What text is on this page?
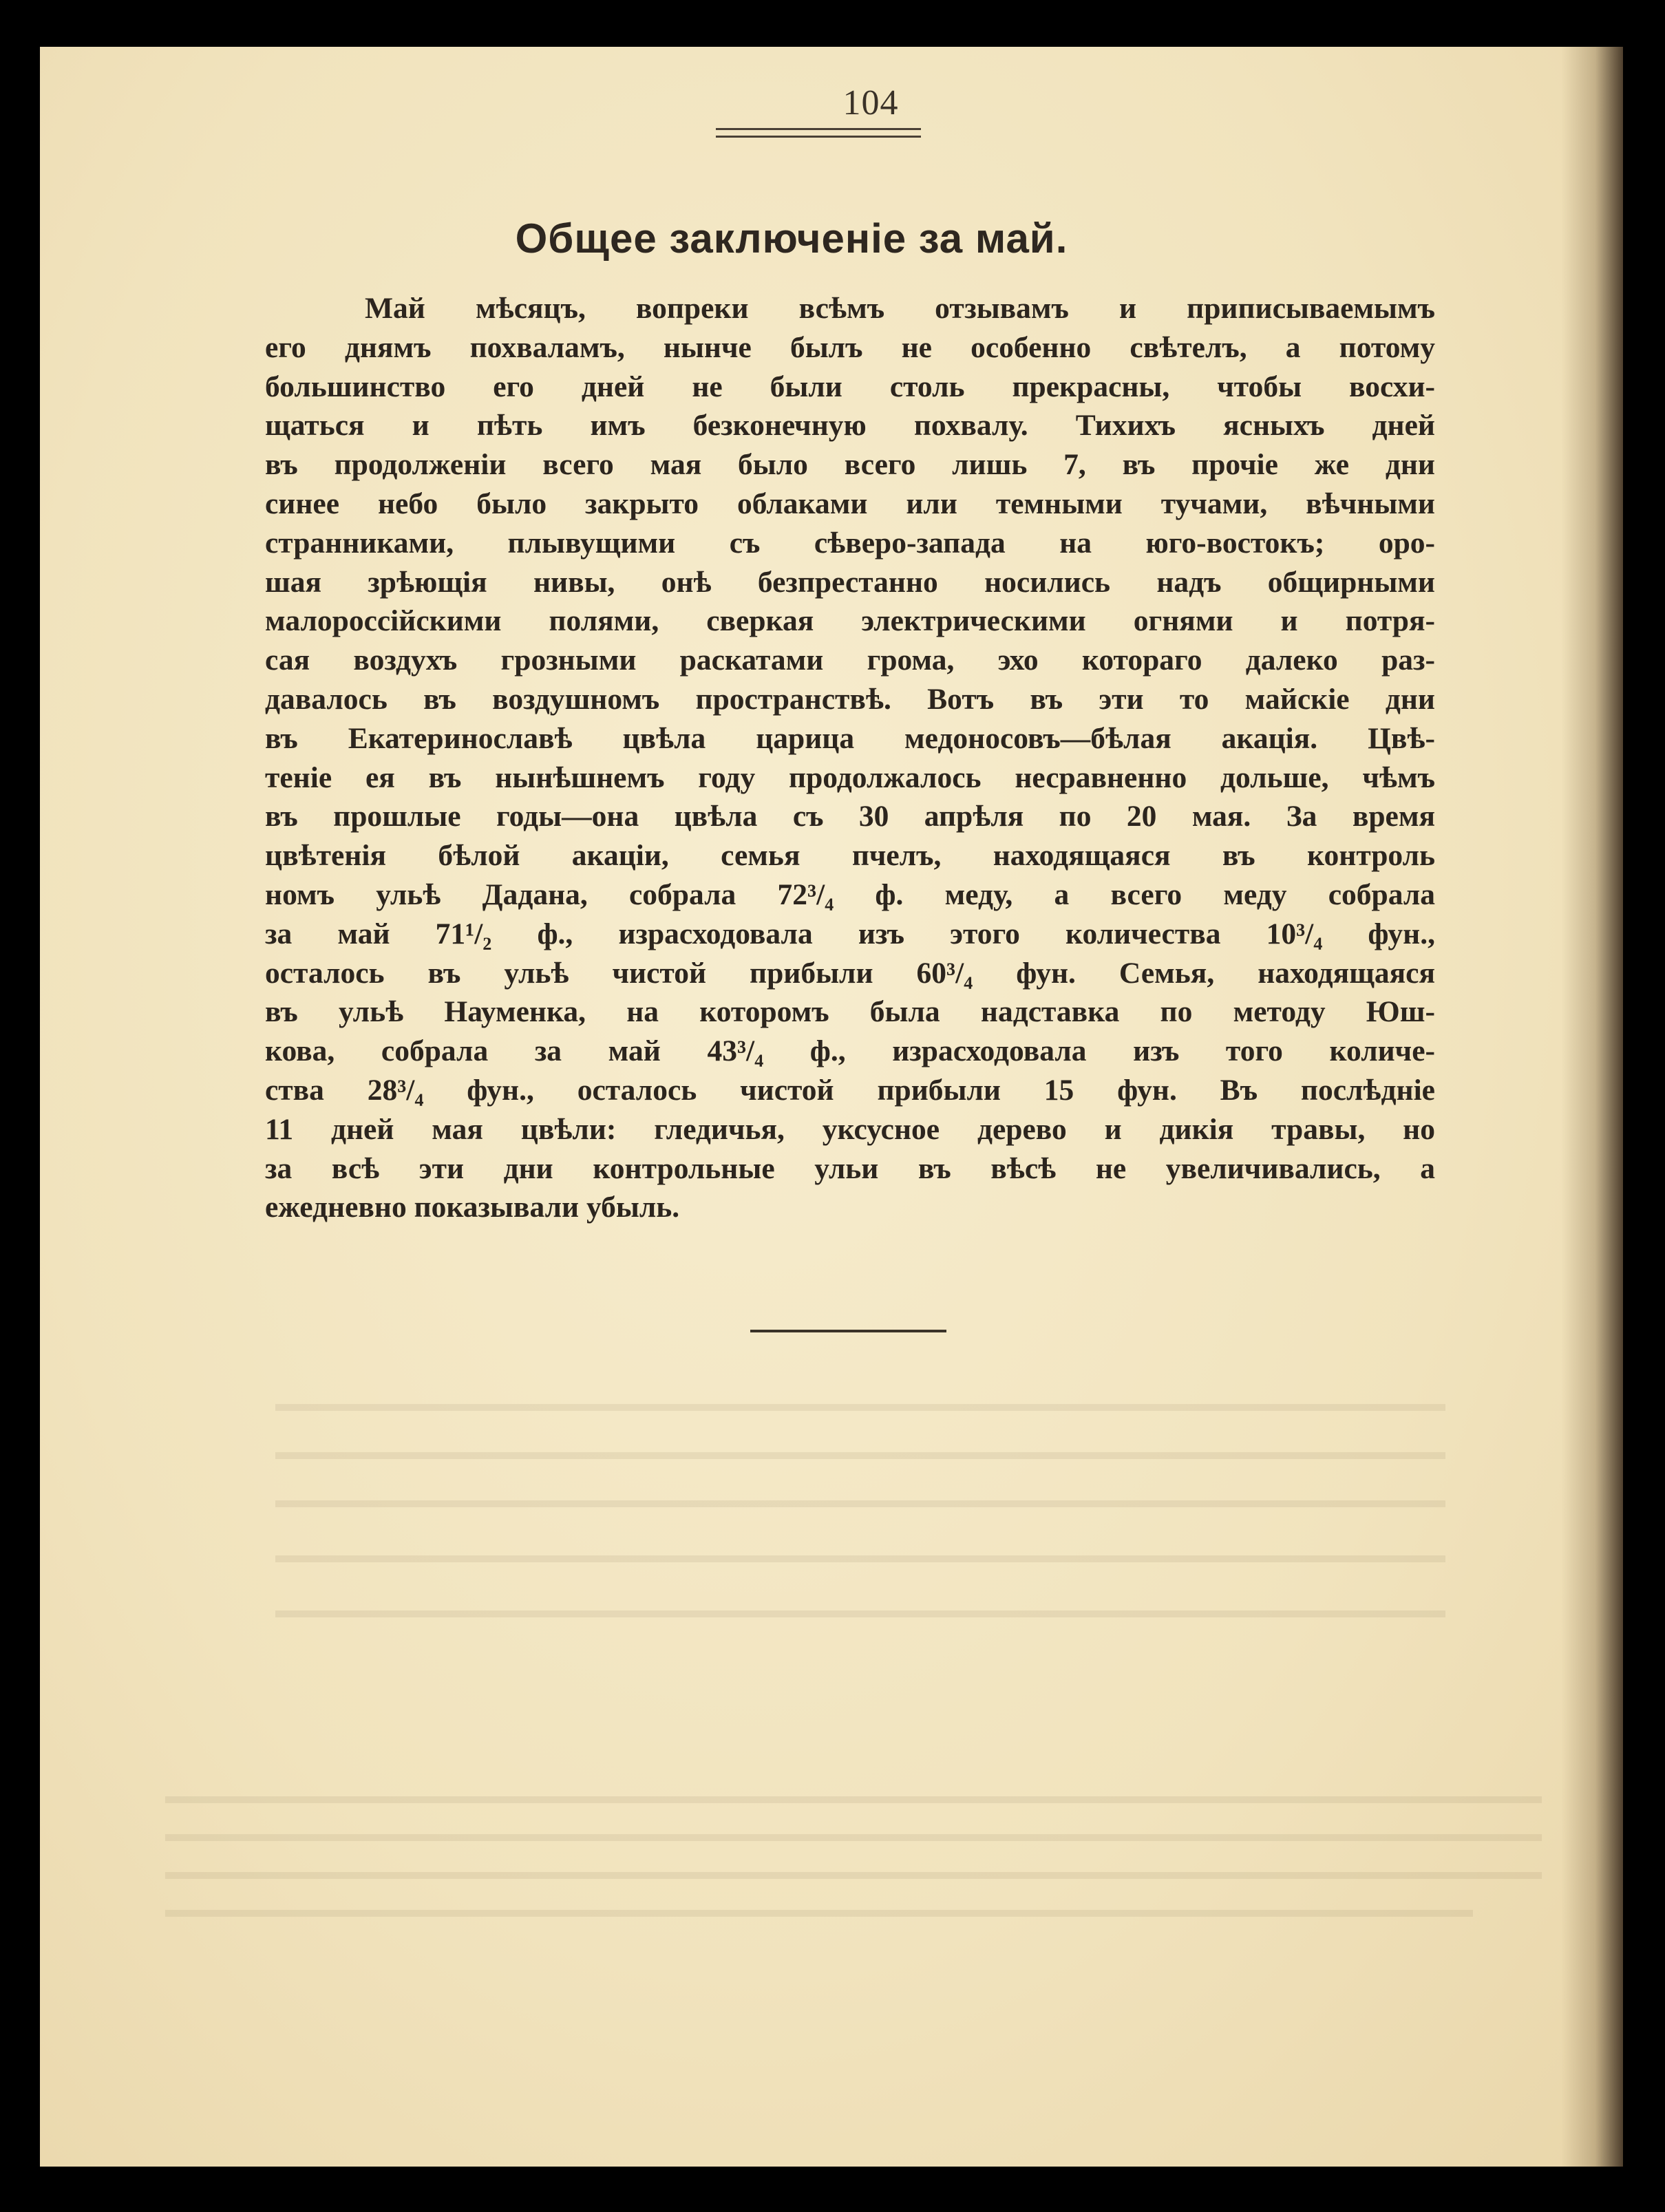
104
Общее заключеніе за май.
Май мѣсяцъ, вопреки всѣмъ отзывамъ и приписываемымъ
его днямъ похваламъ, нынче былъ не особенно свѣтелъ, а потому
большинство его дней не были столь прекрасны, чтобы восхи-
щаться и пѣть имъ безконечную похвалу. Тихихъ ясныхъ дней
въ продолженіи всего мая было всего лишь 7, въ прочіе же дни
синее небо было закрыто облаками или темными тучами, вѣчными
странниками, плывущими съ сѣверо-запада на юго-востокъ; оро-
шая зрѣющія нивы, онѣ безпрестанно носились надъ общирными
малороссійскими полями, сверкая электрическими огнями и потря-
сая воздухъ грозными раскатами грома, эхо котораго далеко раз-
давалось въ воздушномъ пространствѣ. Вотъ въ эти то майскіе дни
въ Екатеринославѣ цвѣла царица медоносовъ—бѣлая акація. Цвѣ-
теніе ея въ нынѣшнемъ году продолжалось несравненно дольше, чѣмъ
въ прошлые годы—она цвѣла съ 30 апрѣля по 20 мая. За время
цвѣтенія бѣлой акаціи, семья пчелъ, находящаяся въ контроль
номъ ульѣ Дадана, собрала 72³/₄ ф. меду, а всего меду собрала
за май 71¹/₂ ф., израсходовала изъ этого количества 10³/₄ фун.,
осталось въ ульѣ чистой прибыли 60³/₄ фун. Семья, находящаяся
въ ульѣ Науменка, на которомъ была надставка по методу Юш-
кова, собрала за май 43³/₄ ф., израсходовала изъ того количе-
ства 28³/₄ фун., осталось чистой прибыли 15 фун. Въ послѣдніе
11 дней мая цвѣли: гледичья, уксусное дерево и дикія травы, но
за всѣ эти дни контрольные ульи въ вѣсѣ не увеличивались, а
ежедневно показывали убыль.
